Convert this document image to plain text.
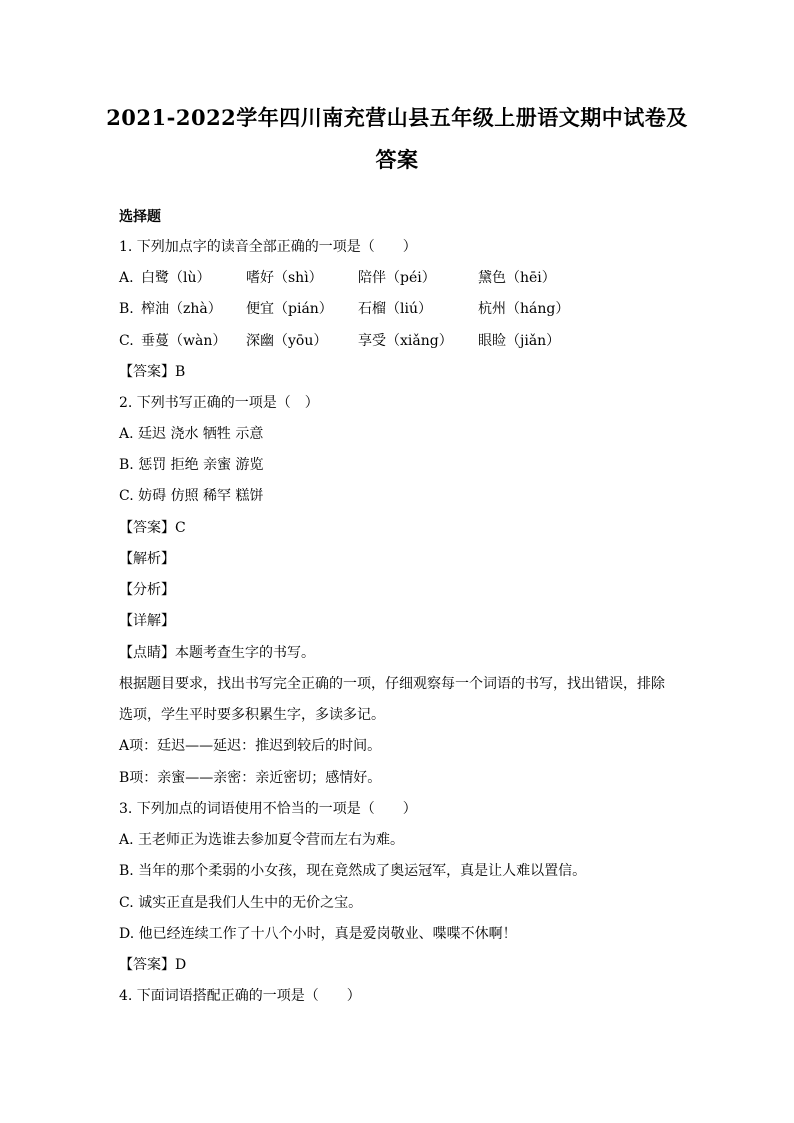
2021-2022学年四川南充营山县五年级上册语文期中试卷及
答案
选择题
1. 下列加点字的读音全部正确的一项是（　　）
A. 白鹭（lù）	嗜好（shì）	陪伴（péi）	黛色（hēi）
B. 榨油（zhà） 便宜（pián） 石榴（liú）	杭州（háng）
C. 垂蔓（wàn） 深幽（yōu） 享受（xiǎng） 眼睑（jiǎn）
【答案】B
2. 下列书写正确的一项是（　）
A. 廷迟 浇水 牺牲 示意
B. 惩罚 拒绝 亲蜜 游览
C. 妨碍 仿照 稀罕 糕饼
【答案】C
【解析】
【分析】
【详解】
【点睛】本题考查生字的书写。
根据题目要求，找出书写完全正确的一项，仔细观察每一个词语的书写，找出错误，排除
选项，学生平时要多积累生字，多读多记。
A项：廷迟——延迟：推迟到较后的时间。
B项：亲蜜——亲密：亲近密切；感情好。
3. 下列加点的词语使用不恰当的一项是（　　）
A. 王老师正为选谁去参加夏令营而左右为难。
B. 当年的那个柔弱的小女孩，现在竟然成了奥运冠军，真是让人难以置信。
C. 诚实正直是我们人生中的无价之宝。
D. 他已经连续工作了十八个小时，真是爱岗敬业、喋喋不休啊！
【答案】D
4. 下面词语搭配正确的一项是（　　）
